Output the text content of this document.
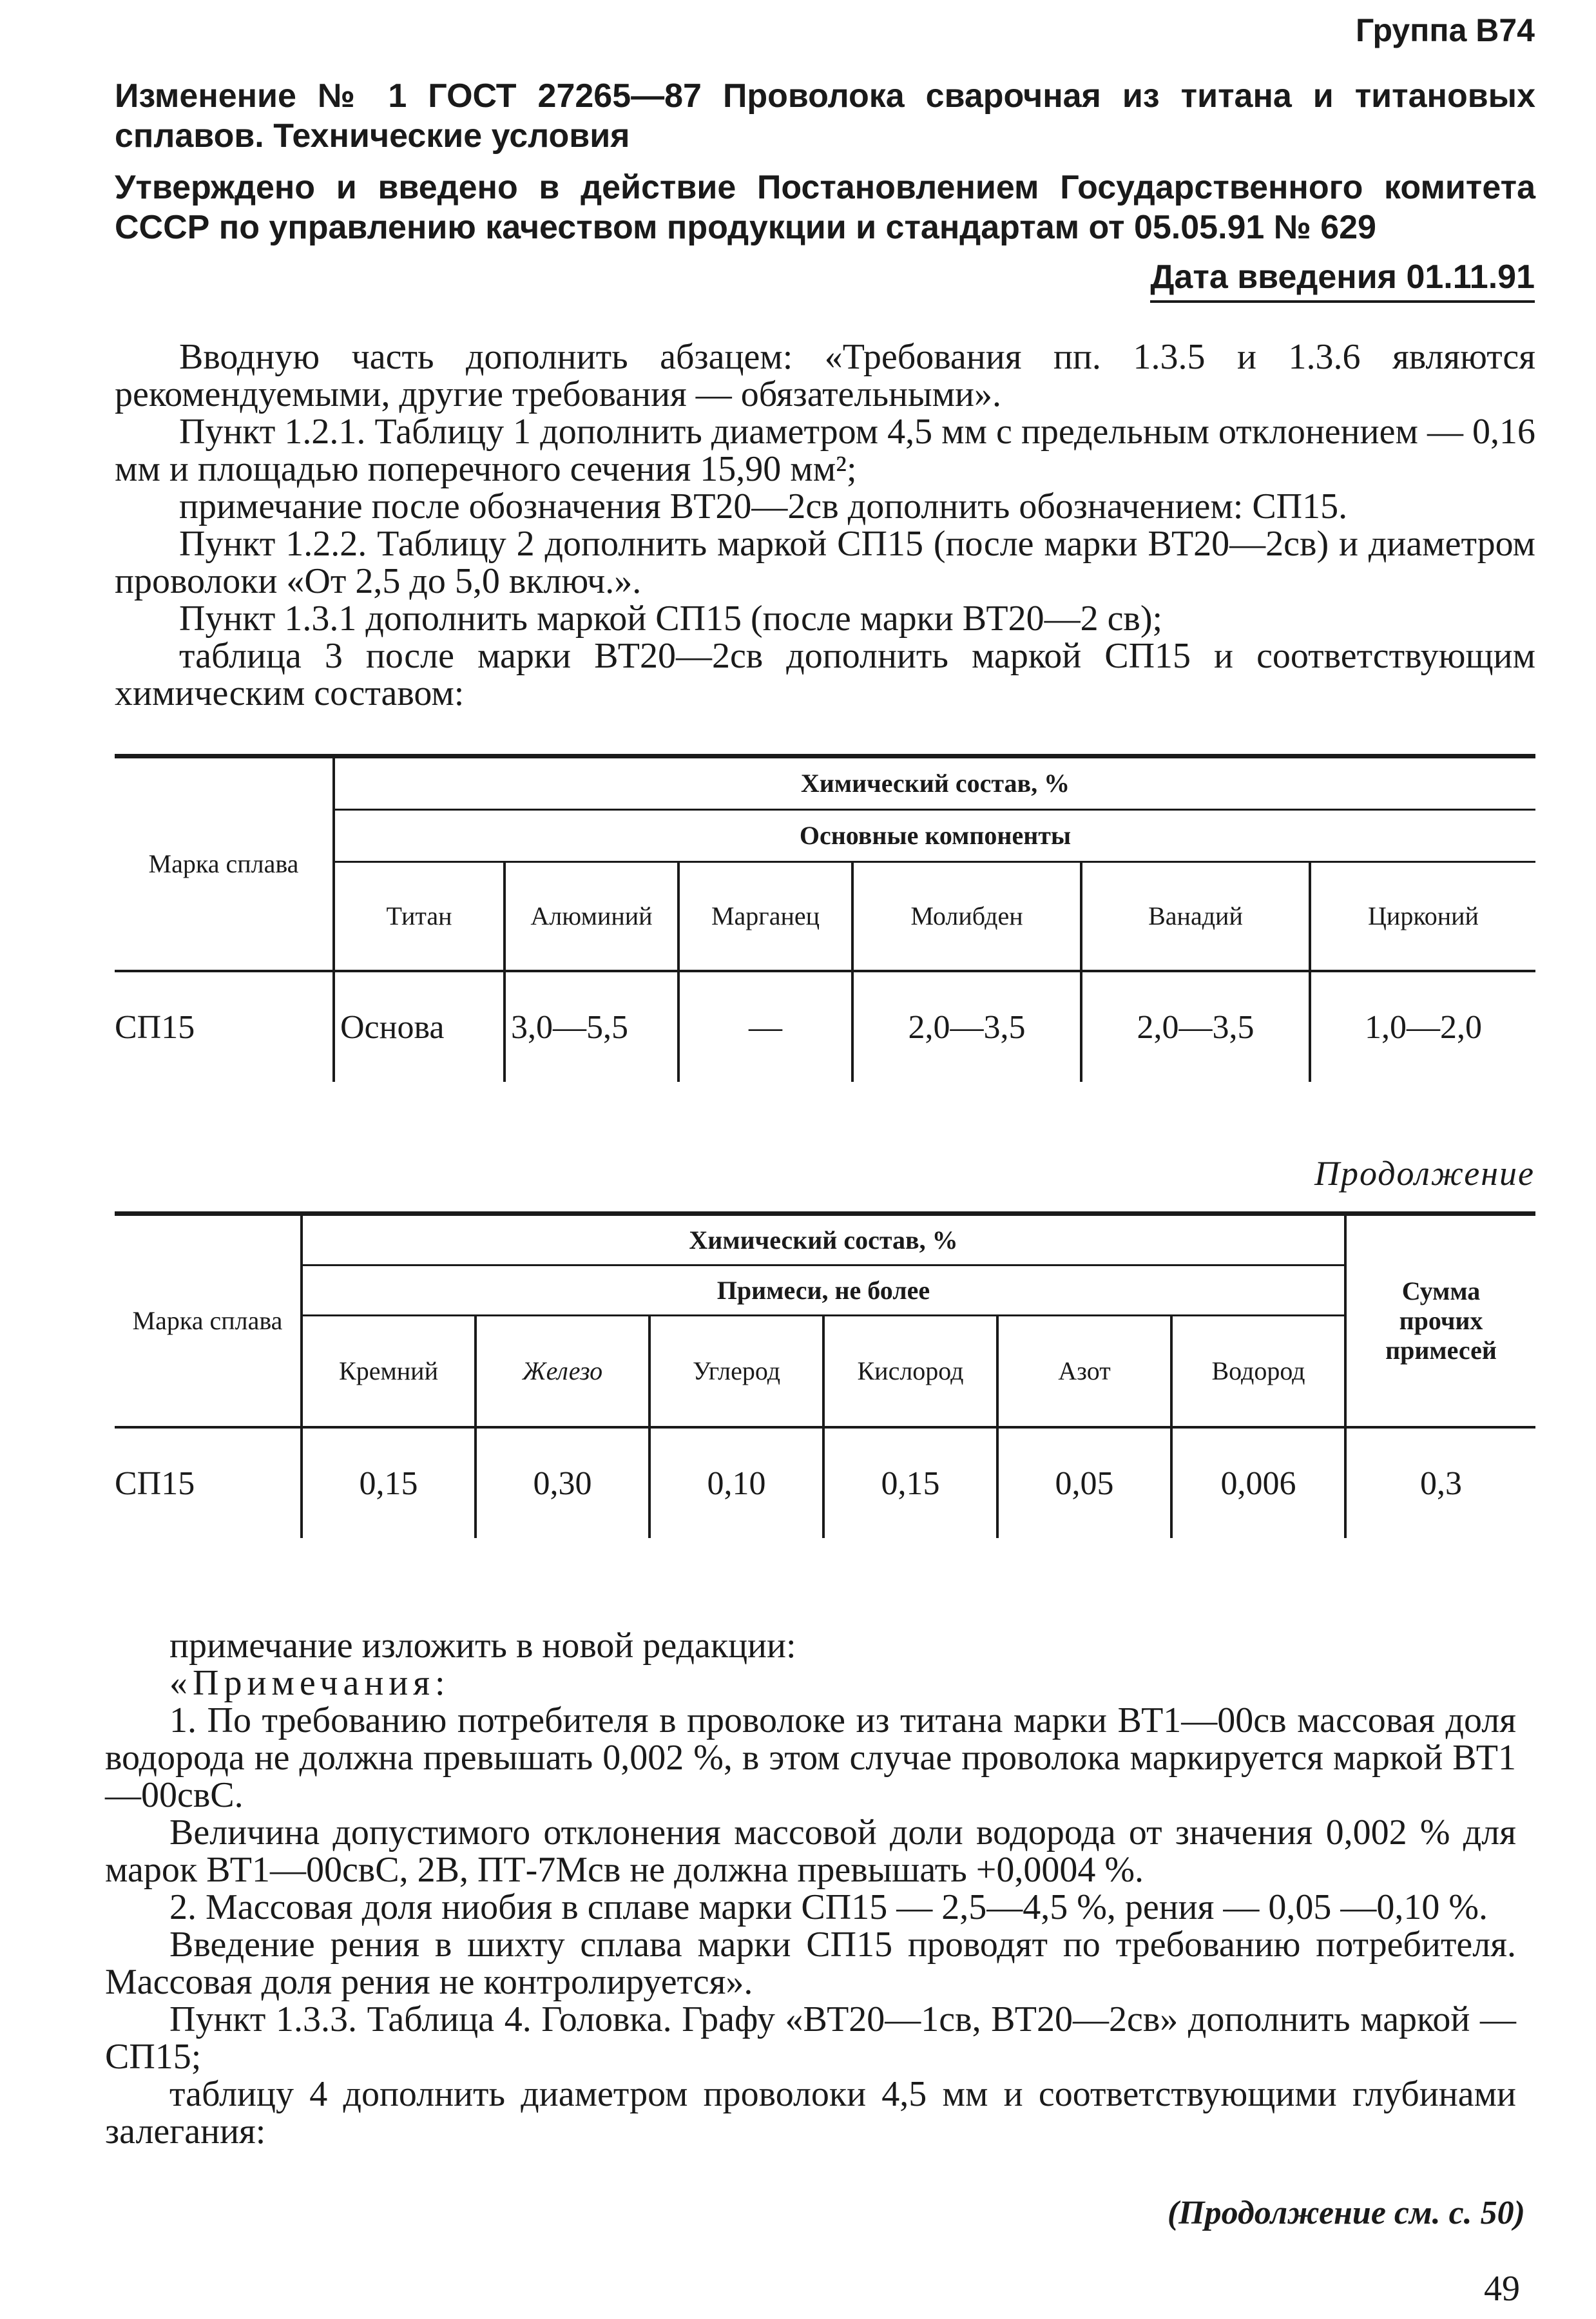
Группа В74
Изменение № 1 ГОСТ 27265—87 Проволока сварочная из титана и титановых сплавов. Технические условия
Утверждено и введено в действие Постановлением Государственного комитета СССР по управлению качеством продукции и стандартам от 05.05.91 № 629
Дата введения 01.11.91

Вводную часть дополнить абзацем: «Требования пп. 1.3.5 и 1.3.6 являются рекомендуемыми, другие требования — обязательными».

Пункт 1.2.1. Таблицу 1 дополнить диаметром 4,5 мм с предельным отклонением — 0,16 мм и площадью поперечного сечения 15,90 мм²;

примечание после обозначения ВТ20—2св дополнить обозначением: СП15.

Пункт 1.2.2. Таблицу 2 дополнить маркой СП15 (после марки ВТ20—2св) и диаметром проволоки «От 2,5 до 5,0 включ.».

Пункт 1.3.1 дополнить маркой СП15 (после марки ВТ20—2 св);

таблица 3 после марки ВТ20—2св дополнить маркой СП15 и соответствующим химическим составом:

Марка сплава	Химический состав, %					
	Основные компоненты					
	Титан	Алюминий	Марганец	Молибден	Ванадий	Цирконий
СП15	Основа	3,0—5,5	—	2,0—3,5	2,0—3,5	1,0—2,0
Продолжение
Марка сплава	Химический состав, %						Сумма прочих примесей
	Примеси, не более						
	Кремний	Железо	Углерод	Кислород	Азот	Водород	
СП15	0,15	0,30	0,10	0,15	0,05	0,006	0,3

примечание изложить в новой редакции:

«Примечания:

1. По требованию потребителя в проволоке из титана марки ВТ1—00св массовая доля водорода не должна превышать 0,002 %, в этом случае проволока маркируется маркой ВТ1—00свС.

Величина допустимого отклонения массовой доли водорода от значения 0,002 % для марок ВТ1—00свС, 2В, ПТ-7Мсв не должна превышать +0,0004 %.

2. Массовая доля ниобия в сплаве марки СП15 — 2,5—4,5 %, рения — 0,05 —0,10 %.

Введение рения в шихту сплава марки СП15 проводят по требованию потребителя. Массовая доля рения не контролируется».

Пункт 1.3.3. Таблица 4. Головка. Графу «ВТ20—1св, ВТ20—2св» дополнить маркой — СП15;

таблицу 4 дополнить диаметром проволоки 4,5 мм и соответствующими глубинами залегания:

(Продолжение см. с. 50)
49
